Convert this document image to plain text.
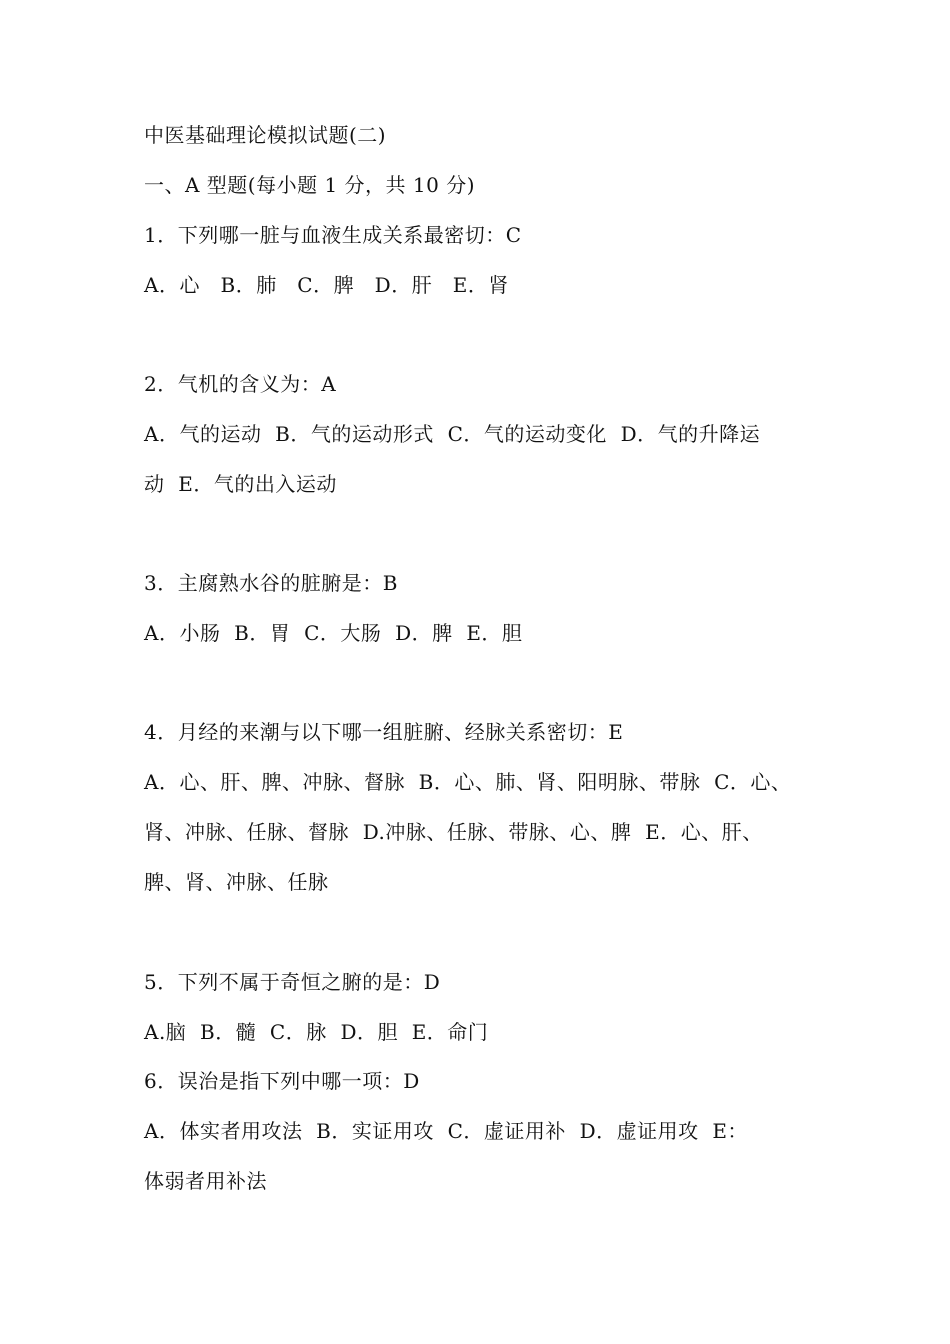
中医基础理论模拟试题(二)
一、A 型题(每小题 1 分，共 10 分)
1．下列哪一脏与血液生成关系最密切：C
A．心   B．肺   C．脾   D．肝   E．肾
2．气机的含义为：A
A．气的运动  B．气的运动形式  C．气的运动变化  D．气的升降运
动  E．气的出入运动
3．主腐熟水谷的脏腑是：B
A．小肠  B．胃  C．大肠  D．脾  E．胆
4．月经的来潮与以下哪一组脏腑、经脉关系密切：E
A．心、肝、脾、冲脉、督脉  B．心、肺、肾、阳明脉、带脉  C．心、
肾、冲脉、任脉、督脉  D.冲脉、任脉、带脉、心、脾  E．心、肝、
脾、肾、冲脉、任脉
5．下列不属于奇恒之腑的是：D
A.脑  B．髓  C．脉  D．胆  E．命门
6．误治是指下列中哪一项：D
A．体实者用攻法  B．实证用攻  C．虚证用补  D．虚证用攻  E：
体弱者用补法
